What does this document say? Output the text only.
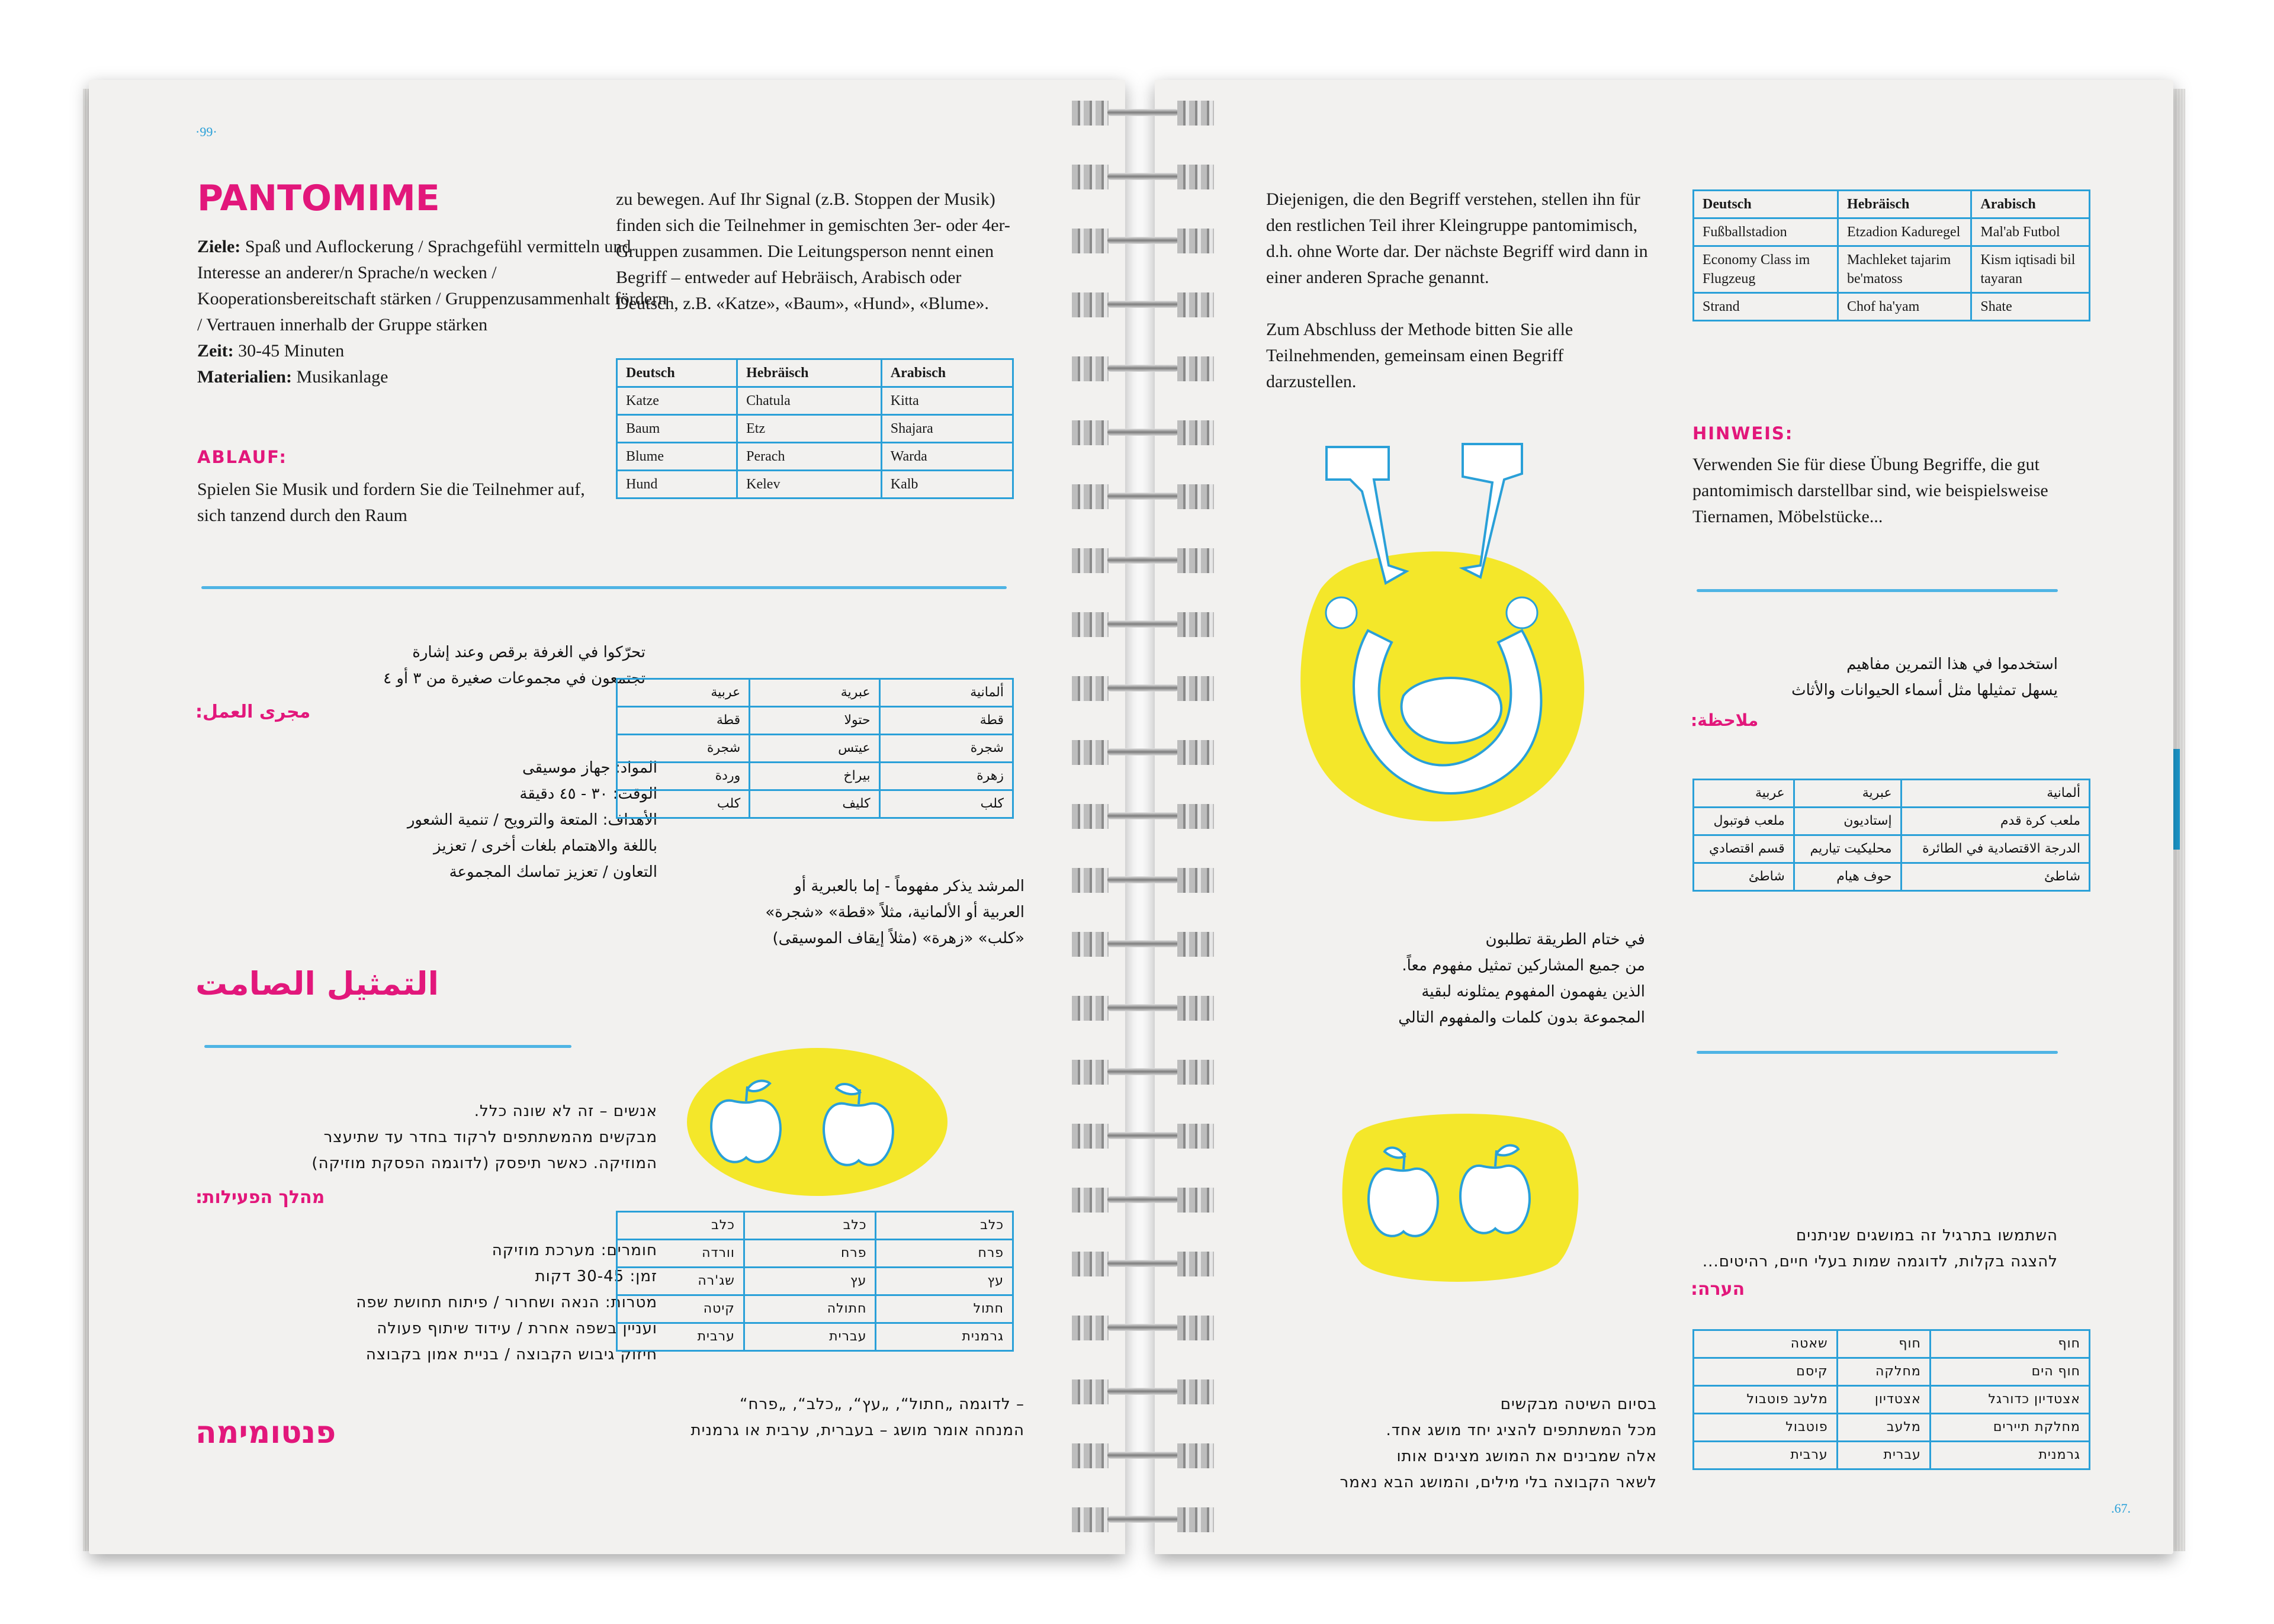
·99·
PANTOMIME
Ziele: Spaß und Auflockerung / Sprachgefühl vermitteln und Interesse an anderer/n Sprache/n wecken / Kooperationsbereitschaft stärken / Gruppenzusammenhalt fördern / Vertrauen innerhalb der Gruppe stärken
Zeit: 30-45 Minuten
Materialien: Musikanlage
ABLAUF:
Spielen Sie Musik und fordern Sie die Teilnehmer auf, sich tanzend durch den Raum
zu bewegen. Auf Ihr Signal (z.B. Stoppen der Musik) finden sich die Teilnehmer in gemischten 3er- oder 4er- Gruppen zusammen. Die Leitungsperson nennt einen Begriff – entweder auf Hebräisch, Arabisch oder Deutsch, z.B. «Katze», «Baum», «Hund», «Blume».
Deutsch	Hebräisch	Arabisch
Katze	Chatula	Kitta
Baum	Etz	Shajara
Blume	Perach	Warda
Hund	Kelev	Kalb
ﺗﺤﺮّﻛﻮا ﻓﻲ ﺍﻟﻐﺮﻓﺔ ﺑﺮﻗﺺ ﻭﻋﻨﺪ ﺇﺷﺎﺭﺓ
ﺗﺠﺘﻤﻌﻮﻥ ﻓﻲ ﻣﺠﻤﻮﻋﺎﺕ ﺻﻐﻴﺮﺓ ﻣﻦ ٣ ﺃﻭ ٤
ﻣﺠﺮﻯ ﺍﻟﻌﻤﻞ:
ﺍﻟﻤﻮﺍﺩ: ﺟﻬﺎﺯ ﻣﻮﺳﻴﻘﻰ
ﺍﻟﻮﻗﺖ: ٣٠ - ٤٥ ﺩﻗﻴﻘﺔ
ﺍﻷﻫﺪﺍﻑ: ﺍﻟﻤﺘﻌﺔ ﻭﺍﻟﺘﺮﻭﻳﺢ / ﺗﻨﻤﻴﺔ ﺍﻟﺸﻌﻮﺭ
ﺑﺎﻟﻠﻐﺔ ﻭﺍﻻﻫﺘﻤﺎﻡ ﺑﻠﻐﺎﺕ ﺃﺧﺮﻯ / ﺗﻌﺰﻳﺰ
ﺍﻟﺘﻌﺎﻭﻥ / ﺗﻌﺰﻳﺰ ﺗﻤﺎﺳﻚ ﺍﻟﻤﺠﻤﻮﻋﺔ
ﺍﻟﺘﻤﺜﻴﻞ ﺍﻟﺼﺎﻣﺖ
ﺃﻟﻤﺎﻧﻴﺔ	ﻋﺒﺮﻳﺔ	ﻋﺮﺑﻴﺔ
ﻗﻄﺔ	ﺣﺘﻮﻻ	ﻗﻄﺔ
ﺷﺠﺮﺓ	ﻋﻴﺘﺲ	ﺷﺠﺮﺓ
ﺯﻫﺮﺓ	ﺑﻴﺮﺍﺥ	ﻭﺭﺩﺓ
ﻛﻠﺐ	ﻛﻠﻴﻒ	ﻛﻠﺐ
ﺍﻟﻤﺮﺷﺪ ﻳﺬﻛﺮ ﻣﻔﻬﻮﻣﺎً - ﺇﻣﺎ ﺑﺎﻟﻌﺒﺮﻳﺔ ﺃﻭ
ﺍﻟﻌﺮﺑﻴﺔ ﺃﻭ ﺍﻷﻟﻤﺎﻧﻴﺔ، ﻣﺜﻼً «ﻗﻄﺔ» «ﺷﺠﺮﺓ»
«ﻛﻠﺐ» «ﺯﻫﺮﺓ» (ﻣﺜﻼً ﺇﻳﻘﺎﻑ ﺍﻟﻤﻮﺳﻴﻘﻰ)
אנשים – זה לא שונה כלל.
מבקשים מהמשתתפים לרקוד בחדר עד שתיעצר
המוזיקה. כאשר תיפסק (לדוגמה הפסקת מוזיקה)
מהלך הפעילות:
חומרים: מערכת מוזיקה
זמן: 30-45 דקות
מטרות: הנאה ושחרור / פיתוח תחושת שפה
ועניין בשפה אחרת / עידוד שיתוף פעולה
חיזוק גיבוש הקבוצה / בניית אמון בקבוצה
פנטומימה
כלב	כלב	כלב
פרח	פרח	וורדה
עץ	עץ	שג'רה
חתול	חתולה	קיטה
גרמנית	עברית	ערבית
– לדוגמה „חתול“, „עץ“, „כלב“, „פרח“
המנחה אומר מושג – בעברית, ערבית או גרמנית
Diejenigen, die den Begriff verstehen, stellen ihn für den restlichen Teil ihrer Kleingruppe pantomimisch, d.h. ohne Worte dar. Der nächste Begriff wird dann in einer anderen Sprache genannt.
Zum Abschluss der Methode bitten Sie alle Teilnehmenden, gemeinsam einen Begriff darzustellen.
Deutsch	Hebräisch	Arabisch
Fußballstadion	Etzadion Kaduregel	Mal'ab Futbol
Economy Class im Flugzeug	Machleket tajarim be'matoss	Kism iqtisadi bil tayaran
Strand	Chof ha'yam	Shate
HINWEIS:
Verwenden Sie für diese Übung Begriffe, die gut pantomimisch darstellbar sind, wie beispielsweise Tiernamen, Möbelstücke...
ﺍﺳﺘﺨﺪﻣﻮﺍ ﻓﻲ ﻫﺬﺍ ﺍﻟﺘﻤﺮﻳﻦ ﻣﻔﺎﻫﻴﻢ
ﻳﺴﻬﻞ ﺗﻤﺜﻴﻠﻬﺎ ﻣﺜﻞ ﺃﺳﻤﺎﺀ ﺍﻟﺤﻴﻮﺍﻧﺎﺕ ﻭﺍﻷﺛﺎﺙ
ﻣﻼﺣﻈﺔ:
ﺃﻟﻤﺎﻧﻴﺔ	ﻋﺒﺮﻳﺔ	ﻋﺮﺑﻴﺔ
ﻣﻠﻌﺐ ﻛﺮﺓ ﻗﺪﻡ	ﺇﺳﺘﺎﺩﻳﻮﻥ	ﻣﻠﻌﺐ ﻓﻮﺗﺒﻮﻝ
ﺍﻟﺪﺭﺟﺔ ﺍﻻﻗﺘﺼﺎﺩﻳﺔ ﻓﻲ ﺍﻟﻄﺎﺋﺮﺓ	ﻣﺤﻠﻴﻜﻴﺖ ﺗﻴﺎﺭﻳﻢ	ﻗﺴﻢ ﺍﻗﺘﺼﺎﺩﻱ
ﺷﺎﻃﺊ	ﺣﻮﻑ ﻫﻴﺎﻡ	ﺷﺎﻃﺊ
ﻓﻲ ﺧﺘﺎﻡ ﺍﻟﻄﺮﻳﻘﺔ ﺗﻄﻠﺒﻮﻥ
ﻣﻦ ﺟﻤﻴﻊ ﺍﻟﻤﺸﺎﺭﻛﻴﻦ ﺗﻤﺜﻴﻞ ﻣﻔﻬﻮﻡ ﻣﻌﺎً.
ﺍﻟﺬﻳﻦ ﻳﻔﻬﻤﻮﻥ ﺍﻟﻤﻔﻬﻮﻡ ﻳﻤﺜﻠﻮﻧﻪ ﻟﺒﻘﻴﺔ
ﺍﻟﻤﺠﻤﻮﻋﺔ ﺑﺪﻭﻥ ﻛﻠﻤﺎﺕ ﻭﺍﻟﻤﻔﻬﻮﻡ ﺍﻟﺘﺎﻟﻲ
השתמשו בתרגיל זה במושגים שניתנים
להצגה בקלות, לדוגמה שמות בעלי חיים, רהיטים...
הערה:
חוף	חוף	שאטה
חוף הים	מחלקה	קיסם
אצטדיון כדורגל	אצטדיון	מלעב פוטבול
מחלקת תיירים	מלעב	פוטבול
גרמנית	עברית	ערבית
בסיום השיטה מבקשים
מכל המשתתפים להציג יחד מושג אחד.
אלה שמבינים את המושג מציגים אותו
לשאר הקבוצה בלי מילים, והמושג הבא נאמר
.67.
